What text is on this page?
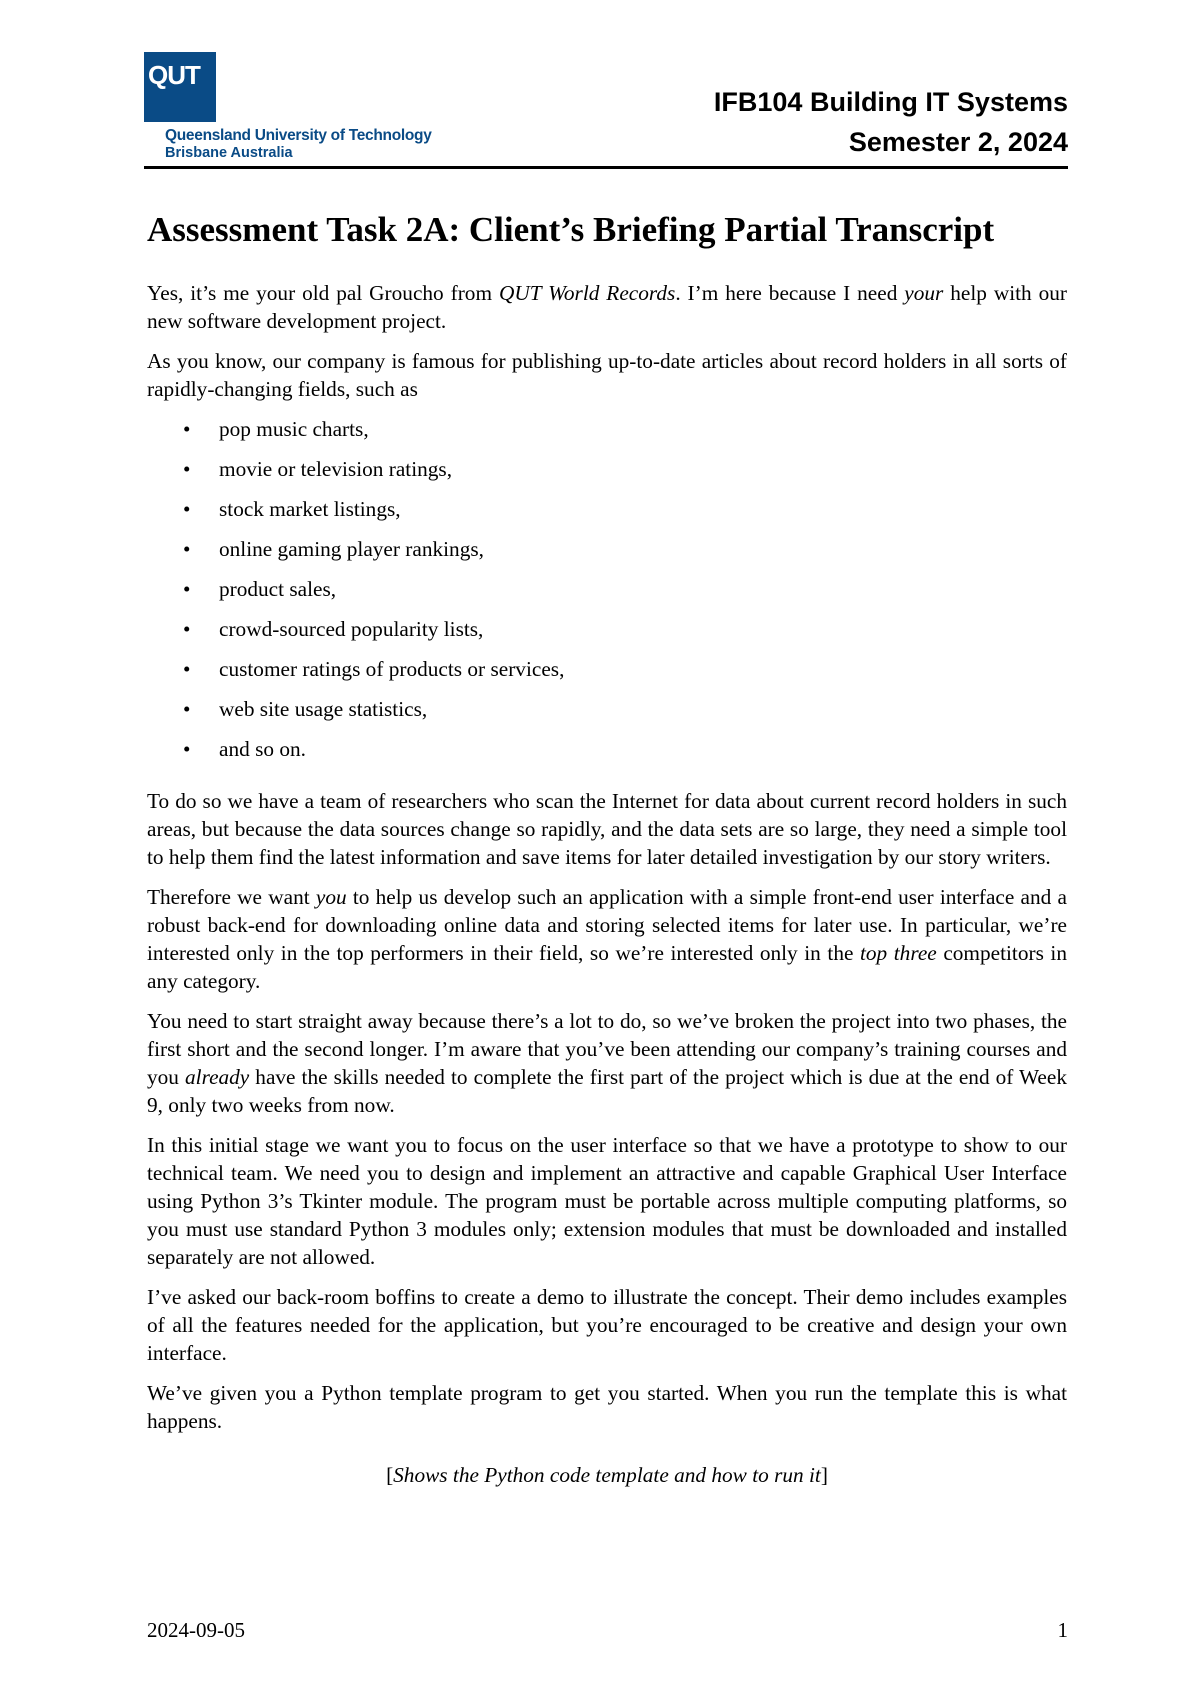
QUT
Queensland University of Technology
Brisbane Australia
IFB104 Building IT Systems
Semester 2, 2024
Assessment Task 2A: Client’s Briefing Partial Transcript

Yes, it’s me your old pal Groucho from QUT World Records. I’m here because I need your help with our new software development project.

As you know, our company is famous for publishing up-to-date articles about record holders in all sorts of rapidly-changing fields, such as

• pop music charts,
• movie or television ratings,
• stock market listings,
• online gaming player rankings,
• product sales,
• crowd-sourced popularity lists,
• customer ratings of products or services,
• web site usage statistics,
• and so on.

To do so we have a team of researchers who scan the Internet for data about current record holders in such areas, but because the data sources change so rapidly, and the data sets are so large, they need a simple tool to help them find the latest information and save items for later detailed investigation by our story writers.

Therefore we want you to help us develop such an application with a simple front-end user interface and a robust back-end for downloading online data and storing selected items for later use. In particular, we’re interested only in the top performers in their field, so we’re interested only in the top three competitors in any category.

You need to start straight away because there’s a lot to do, so we’ve broken the project into two phases, the first short and the second longer. I’m aware that you’ve been attending our company’s training courses and you already have the skills needed to complete the first part of the project which is due at the end of Week 9, only two weeks from now.

In this initial stage we want you to focus on the user interface so that we have a prototype to show to our technical team. We need you to design and implement an attractive and capable Graphical User Interface using Python 3’s Tkinter module. The program must be portable across multiple computing platforms, so you must use standard Python 3 modules only; extension modules that must be downloaded and installed separately are not allowed.

I’ve asked our back-room boffins to create a demo to illustrate the concept. Their demo includes examples of all the features needed for the application, but you’re encouraged to be creative and design your own interface.

We’ve given you a Python template program to get you started. When you run the template this is what happens.

[Shows the Python code template and how to run it]

2024-09-05	1
